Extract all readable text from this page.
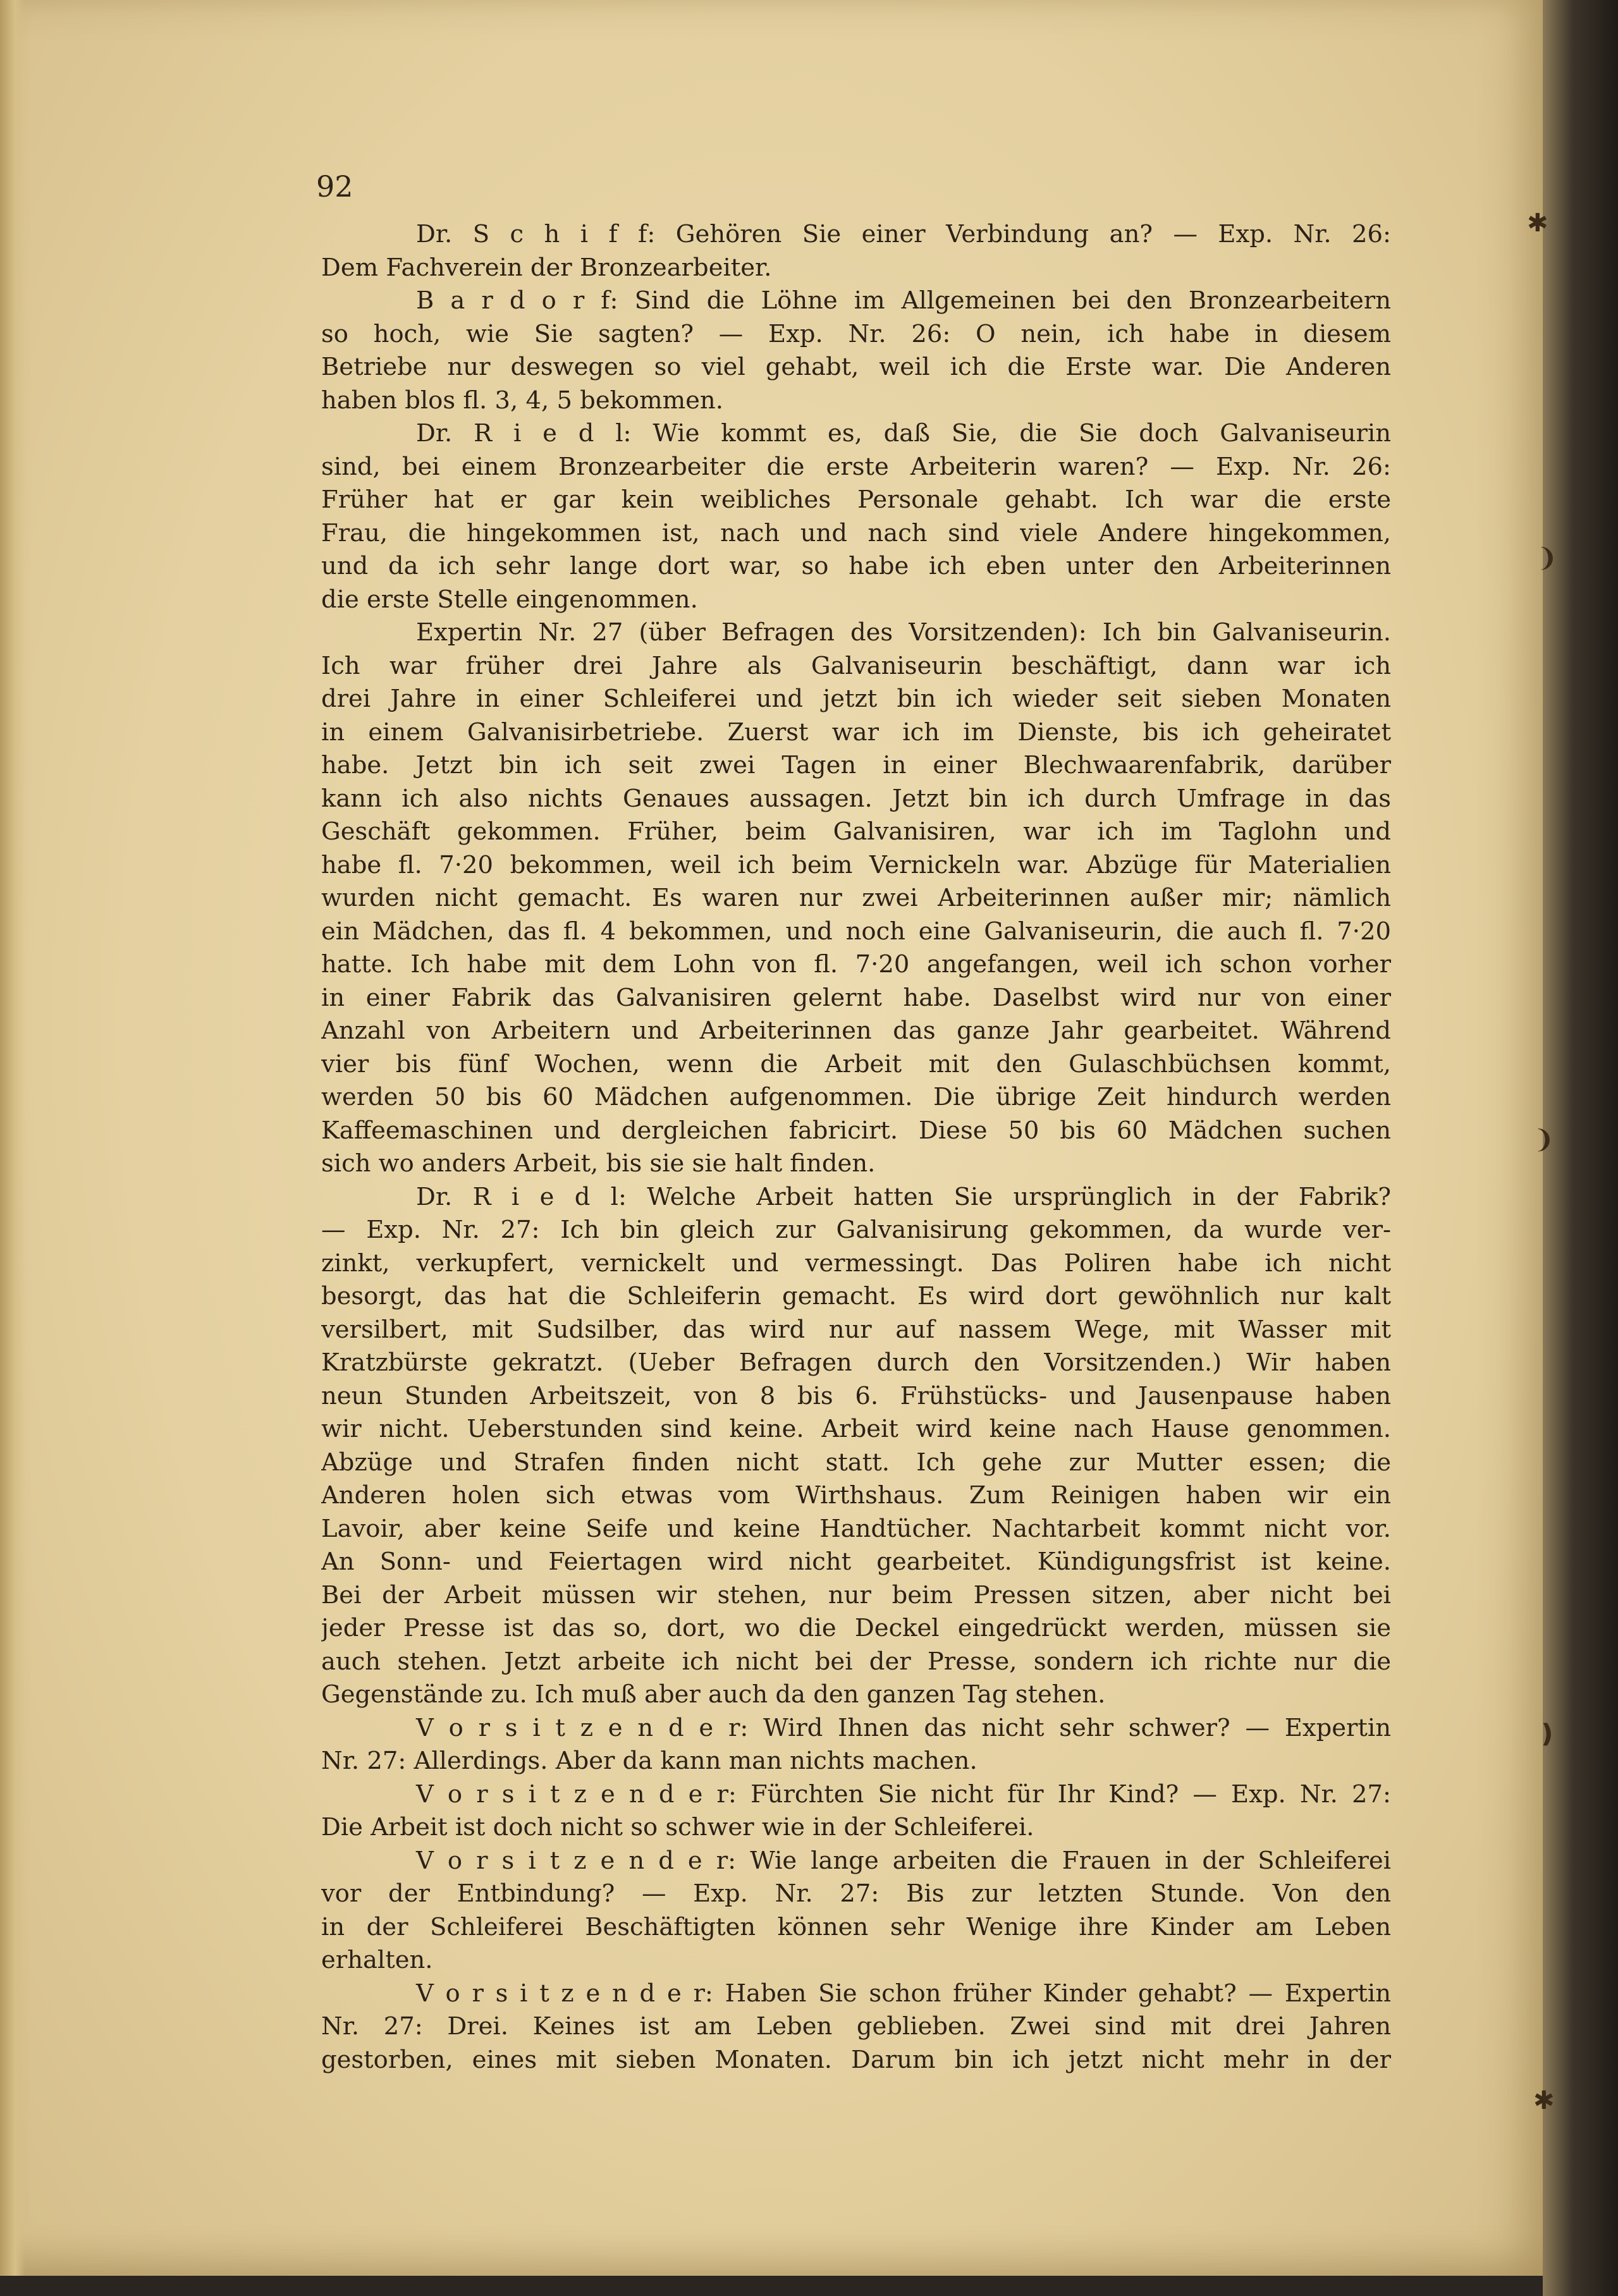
92
Dr. S c h i f f: Gehören Sie einer Verbindung an? — Exp. Nr. 26:
Dem Fachverein der Bronzearbeiter.
B a r d o r f: Sind die Löhne im Allgemeinen bei den Bronzearbeitern
so hoch, wie Sie sagten? — Exp. Nr. 26: O nein, ich habe in diesem
Betriebe nur deswegen so viel gehabt, weil ich die Erste war. Die Anderen
haben blos fl. 3, 4, 5 bekommen.
Dr. R i e d l: Wie kommt es, daß Sie, die Sie doch Galvaniseurin
sind, bei einem Bronzearbeiter die erste Arbeiterin waren? — Exp. Nr. 26:
Früher hat er gar kein weibliches Personale gehabt. Ich war die erste
Frau, die hingekommen ist, nach und nach sind viele Andere hingekommen,
und da ich sehr lange dort war, so habe ich eben unter den Arbeiterinnen
die erste Stelle eingenommen.
Expertin Nr. 27 (über Befragen des Vorsitzenden): Ich bin Galvaniseurin.
Ich war früher drei Jahre als Galvaniseurin beschäftigt, dann war ich
drei Jahre in einer Schleiferei und jetzt bin ich wieder seit sieben Monaten
in einem Galvanisirbetriebe. Zuerst war ich im Dienste, bis ich geheiratet
habe. Jetzt bin ich seit zwei Tagen in einer Blechwaarenfabrik, darüber
kann ich also nichts Genaues aussagen. Jetzt bin ich durch Umfrage in das
Geschäft gekommen. Früher, beim Galvanisiren, war ich im Taglohn und
habe fl. 7·20 bekommen, weil ich beim Vernickeln war. Abzüge für Materialien
wurden nicht gemacht. Es waren nur zwei Arbeiterinnen außer mir; nämlich
ein Mädchen, das fl. 4 bekommen, und noch eine Galvaniseurin, die auch fl. 7·20
hatte. Ich habe mit dem Lohn von fl. 7·20 angefangen, weil ich schon vorher
in einer Fabrik das Galvanisiren gelernt habe. Daselbst wird nur von einer
Anzahl von Arbeitern und Arbeiterinnen das ganze Jahr gearbeitet. Während
vier bis fünf Wochen, wenn die Arbeit mit den Gulaschbüchsen kommt,
werden 50 bis 60 Mädchen aufgenommen. Die übrige Zeit hindurch werden
Kaffeemaschinen und dergleichen fabricirt. Diese 50 bis 60 Mädchen suchen
sich wo anders Arbeit, bis sie sie halt finden.
Dr. R i e d l: Welche Arbeit hatten Sie ursprünglich in der Fabrik?
— Exp. Nr. 27: Ich bin gleich zur Galvanisirung gekommen, da wurde ver-
zinkt, verkupfert, vernickelt und vermessingt. Das Poliren habe ich nicht
besorgt, das hat die Schleiferin gemacht. Es wird dort gewöhnlich nur kalt
versilbert, mit Sudsilber, das wird nur auf nassem Wege, mit Wasser mit
Kratzbürste gekratzt. (Ueber Befragen durch den Vorsitzenden.) Wir haben
neun Stunden Arbeitszeit, von 8 bis 6. Frühstücks- und Jausenpause haben
wir nicht. Ueberstunden sind keine. Arbeit wird keine nach Hause genommen.
Abzüge und Strafen finden nicht statt. Ich gehe zur Mutter essen; die
Anderen holen sich etwas vom Wirthshaus. Zum Reinigen haben wir ein
Lavoir, aber keine Seife und keine Handtücher. Nachtarbeit kommt nicht vor.
An Sonn- und Feiertagen wird nicht gearbeitet. Kündigungsfrist ist keine.
Bei der Arbeit müssen wir stehen, nur beim Pressen sitzen, aber nicht bei
jeder Presse ist das so, dort, wo die Deckel eingedrückt werden, müssen sie
auch stehen. Jetzt arbeite ich nicht bei der Presse, sondern ich richte nur die
Gegenstände zu. Ich muß aber auch da den ganzen Tag stehen.
V o r s i t z e n d e r: Wird Ihnen das nicht sehr schwer? — Expertin
Nr. 27: Allerdings. Aber da kann man nichts machen.
V o r s i t z e n d e r: Fürchten Sie nicht für Ihr Kind? — Exp. Nr. 27:
Die Arbeit ist doch nicht so schwer wie in der Schleiferei.
V o r s i t z e n d e r: Wie lange arbeiten die Frauen in der Schleiferei
vor der Entbindung? — Exp. Nr. 27: Bis zur letzten Stunde. Von den
in der Schleiferei Beschäftigten können sehr Wenige ihre Kinder am Leben
erhalten.
V o r s i t z e n d e r: Haben Sie schon früher Kinder gehabt? — Expertin
Nr. 27: Drei. Keines ist am Leben geblieben. Zwei sind mit drei Jahren
gestorben, eines mit sieben Monaten. Darum bin ich jetzt nicht mehr in der
✱
❩
❩
❫
✱
